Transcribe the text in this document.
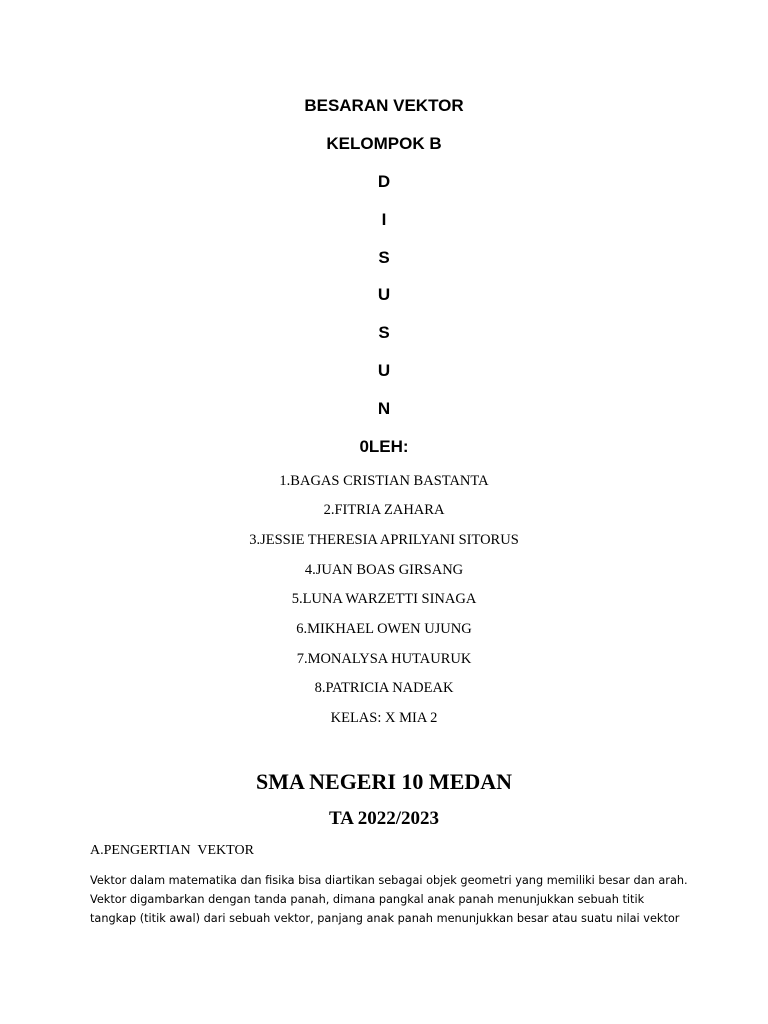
BESARAN VEKTOR
KELOMPOK B
D
I
S
U
S
U
N
0LEH:
1.BAGAS CRISTIAN BASTANTA
2.FITRIA ZAHARA
3.JESSIE THERESIA APRILYANI SITORUS
4.JUAN BOAS GIRSANG
5.LUNA WARZETTI SINAGA
6.MIKHAEL OWEN UJUNG
7.MONALYSA HUTAURUK
8.PATRICIA NADEAK
KELAS: X MIA 2
SMA NEGERI 10 MEDAN
TA 2022/2023
A.PENGERTIAN  VEKTOR
Vektor dalam matematika dan fisika bisa diartikan sebagai objek geometri yang memiliki besar dan arah.
Vektor digambarkan dengan tanda panah, dimana pangkal anak panah menunjukkan sebuah titik
tangkap (titik awal) dari sebuah vektor, panjang anak panah menunjukkan besar atau suatu nilai vektor
